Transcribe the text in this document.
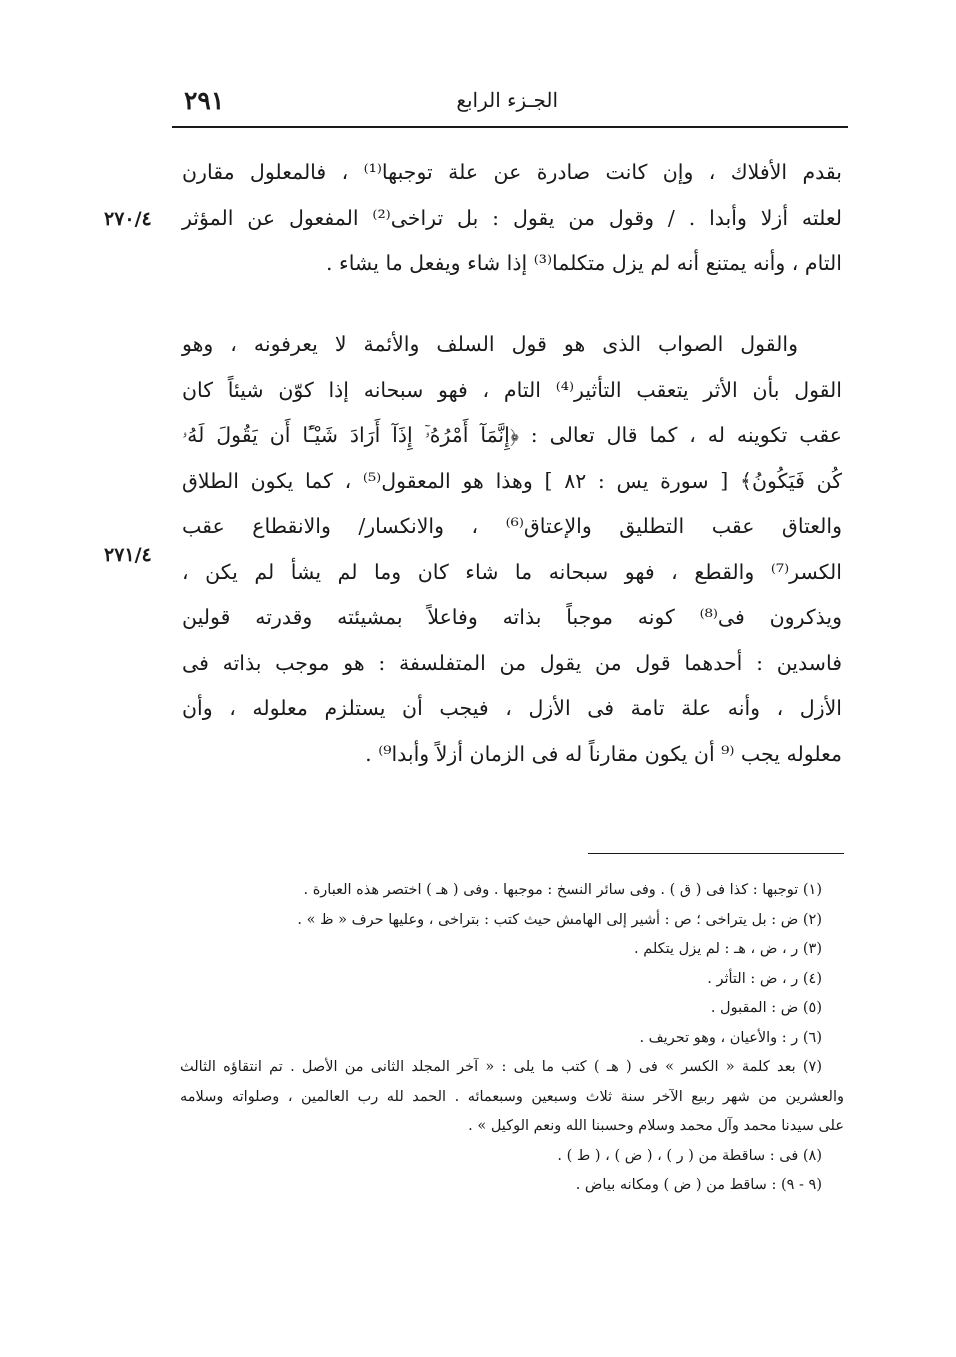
٢٩١	الجـزء الرابع
بقدم الأفلاك ، وإن كانت صادرة عن علة توجبها⁽¹⁾ ، فالمعلول مقارن
لعلته أزلا وأبدا . / وقول من يقول : بل تراخى⁽²⁾ المفعول عن المؤثر
التام ، وأنه يمتنع أنه لم يزل متكلما⁽³⁾ إذا شاء ويفعل ما يشاء .
والقول الصواب الذى هو قول السلف والأئمة لا يعرفونه ، وهو
القول بأن الأثر يتعقب التأثير⁽⁴⁾ التام ، فهو سبحانه إذا كوّن شيئاً كان
عقب تكوينه له ، كما قال تعالى : ﴿إِنَّمَآ أَمْرُهُۥٓ إِذَآ أَرَادَ شَيْـًٔا أَن يَقُولَ لَهُۥ
كُن فَيَكُونُ﴾ [ سورة يس : ٨٢ ] وهذا هو المعقول⁽⁵⁾ ، كما يكون الطلاق
والعتاق عقب التطليق والإعتاق⁽⁶⁾ ، والانكسار/ والانقطاع عقب
الكسر⁽⁷⁾ والقطع ، فهو سبحانه ما شاء كان وما لم يشأ لم يكن ،
ويذكرون فى⁽⁸⁾ كونه موجباً بذاته وفاعلاً بمشيئته وقدرته قولين
فاسدين : أحدهما قول من يقول من المتفلسفة : هو موجب بذاته فى
الأزل ، وأنه علة تامة فى الأزل ، فيجب أن يستلزم معلوله ، وأن
معلوله يجب ⁽⁹ أن يكون مقارناً له فى الزمان أزلاً وأبدا⁹⁾ .
٢٧٠/٤
٢٧١/٤
(١) توجبها : كذا فى ( ق ) . وفى سائر النسخ : موجبها . وفى ( هـ ) اختصر هذه العبارة .
(٢) ض : بل يتراخى ؛ ص : أشير إلى الهامش حيث كتب : بتراخى ، وعليها حرف « ظ » .
(٣) ر ، ض ، هـ : لم يزل يتكلم .
(٤) ر ، ض : التأثر .
(٥) ض : المقبول .
(٦) ر : والأعيان ، وهو تحريف .
(٧) بعد كلمة « الكسر » فى ( هـ ) كتب ما يلى : « آخر المجلد الثانى من الأصل . تم انتقاؤه الثالث
والعشرين من شهر ربيع الآخر سنة ثلاث وسبعين وسبعمائه . الحمد لله رب العالمين ، وصلواته وسلامه
على سيدنا محمد وآل محمد وسلام وحسبنا الله ونعم الوكيل » .
(٨) فى : ساقطة من ( ر ) ، ( ض ) ، ( ط ) .
(٩ - ٩) : ساقط من ( ض ) ومكانه بياض .
